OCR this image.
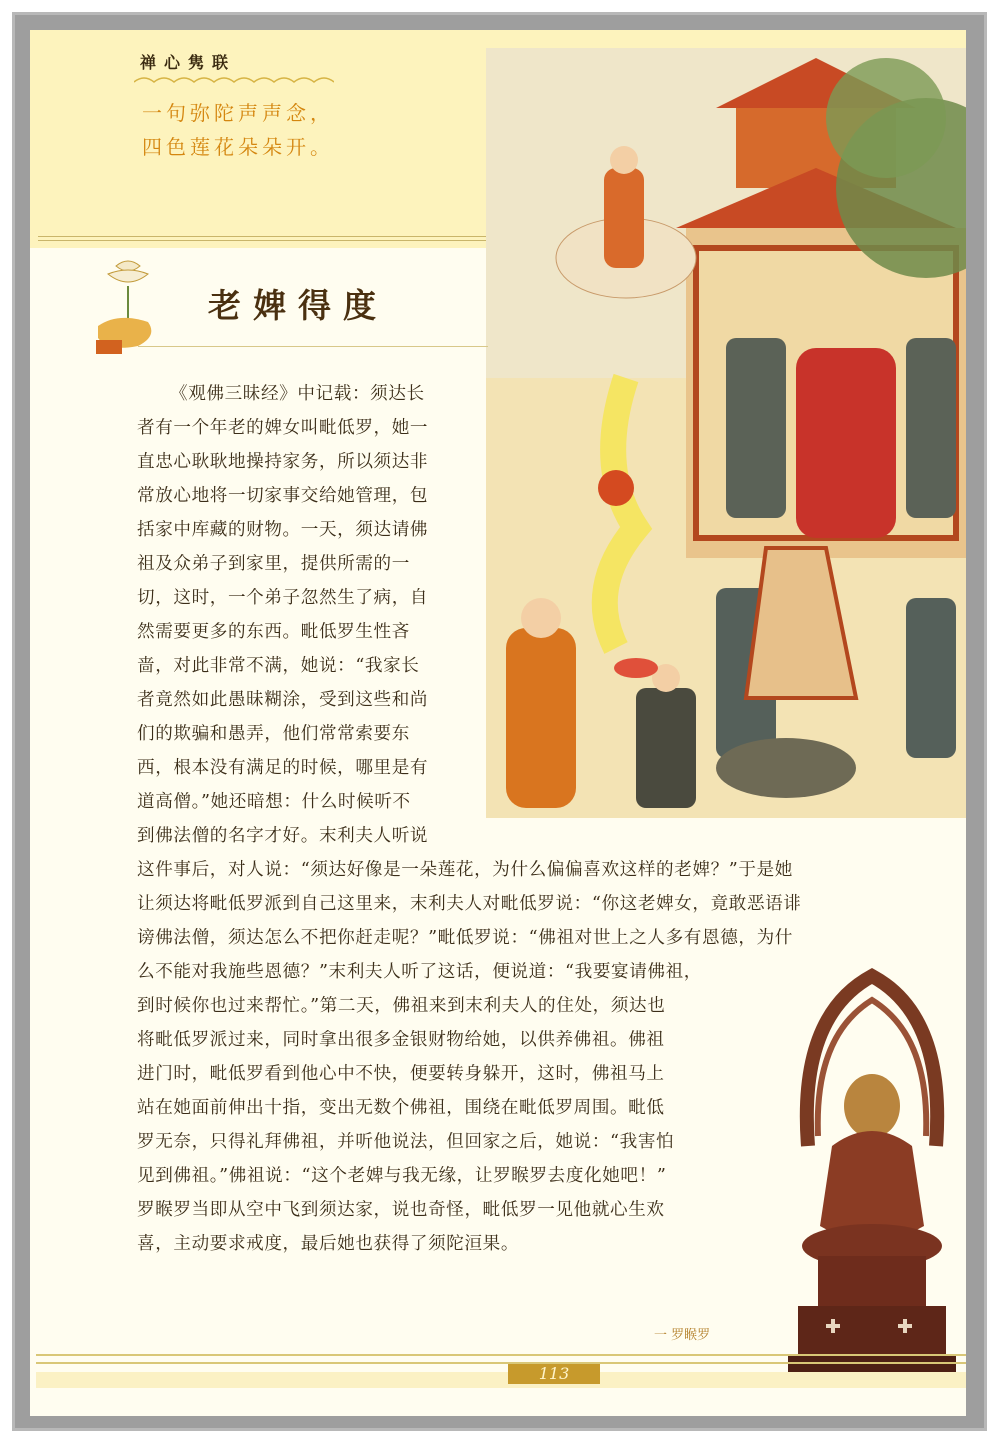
禅心隽联
一句弥陀声声念，
四色莲花朵朵开。
老婢得度
《观佛三昧经》中记载：须达长
者有一个年老的婢女叫毗低罗，她一
直忠心耿耿地操持家务，所以须达非
常放心地将一切家事交给她管理，包
括家中库藏的财物。一天，须达请佛
祖及众弟子到家里，提供所需的一
切，这时，一个弟子忽然生了病，自
然需要更多的东西。毗低罗生性吝
啬，对此非常不满，她说：“我家长
者竟然如此愚昧糊涂，受到这些和尚
们的欺骗和愚弄，他们常常索要东
西，根本没有满足的时候，哪里是有
道高僧。”她还暗想：什么时候听不
到佛法僧的名字才好。末利夫人听说
这件事后，对人说：“须达好像是一朵莲花，为什么偏偏喜欢这样的老婢？”于是她
让须达将毗低罗派到自己这里来，末利夫人对毗低罗说：“你这老婢女，竟敢恶语诽
谤佛法僧，须达怎么不把你赶走呢？”毗低罗说：“佛祖对世上之人多有恩德，为什
么不能对我施些恩德？”末利夫人听了这话，便说道：“我要宴请佛祖，
到时候你也过来帮忙。”第二天，佛祖来到末利夫人的住处，须达也
将毗低罗派过来，同时拿出很多金银财物给她，以供养佛祖。佛祖
进门时，毗低罗看到他心中不快，便要转身躲开，这时，佛祖马上
站在她面前伸出十指，变出无数个佛祖，围绕在毗低罗周围。毗低
罗无奈，只得礼拜佛祖，并听他说法，但回家之后，她说：“我害怕
见到佛祖。”佛祖说：“这个老婢与我无缘，让罗睺罗去度化她吧！”
罗睺罗当即从空中飞到须达家，说也奇怪，毗低罗一见他就心生欢
喜，主动要求戒度，最后她也获得了须陀洹果。
一 罗睺罗
113
